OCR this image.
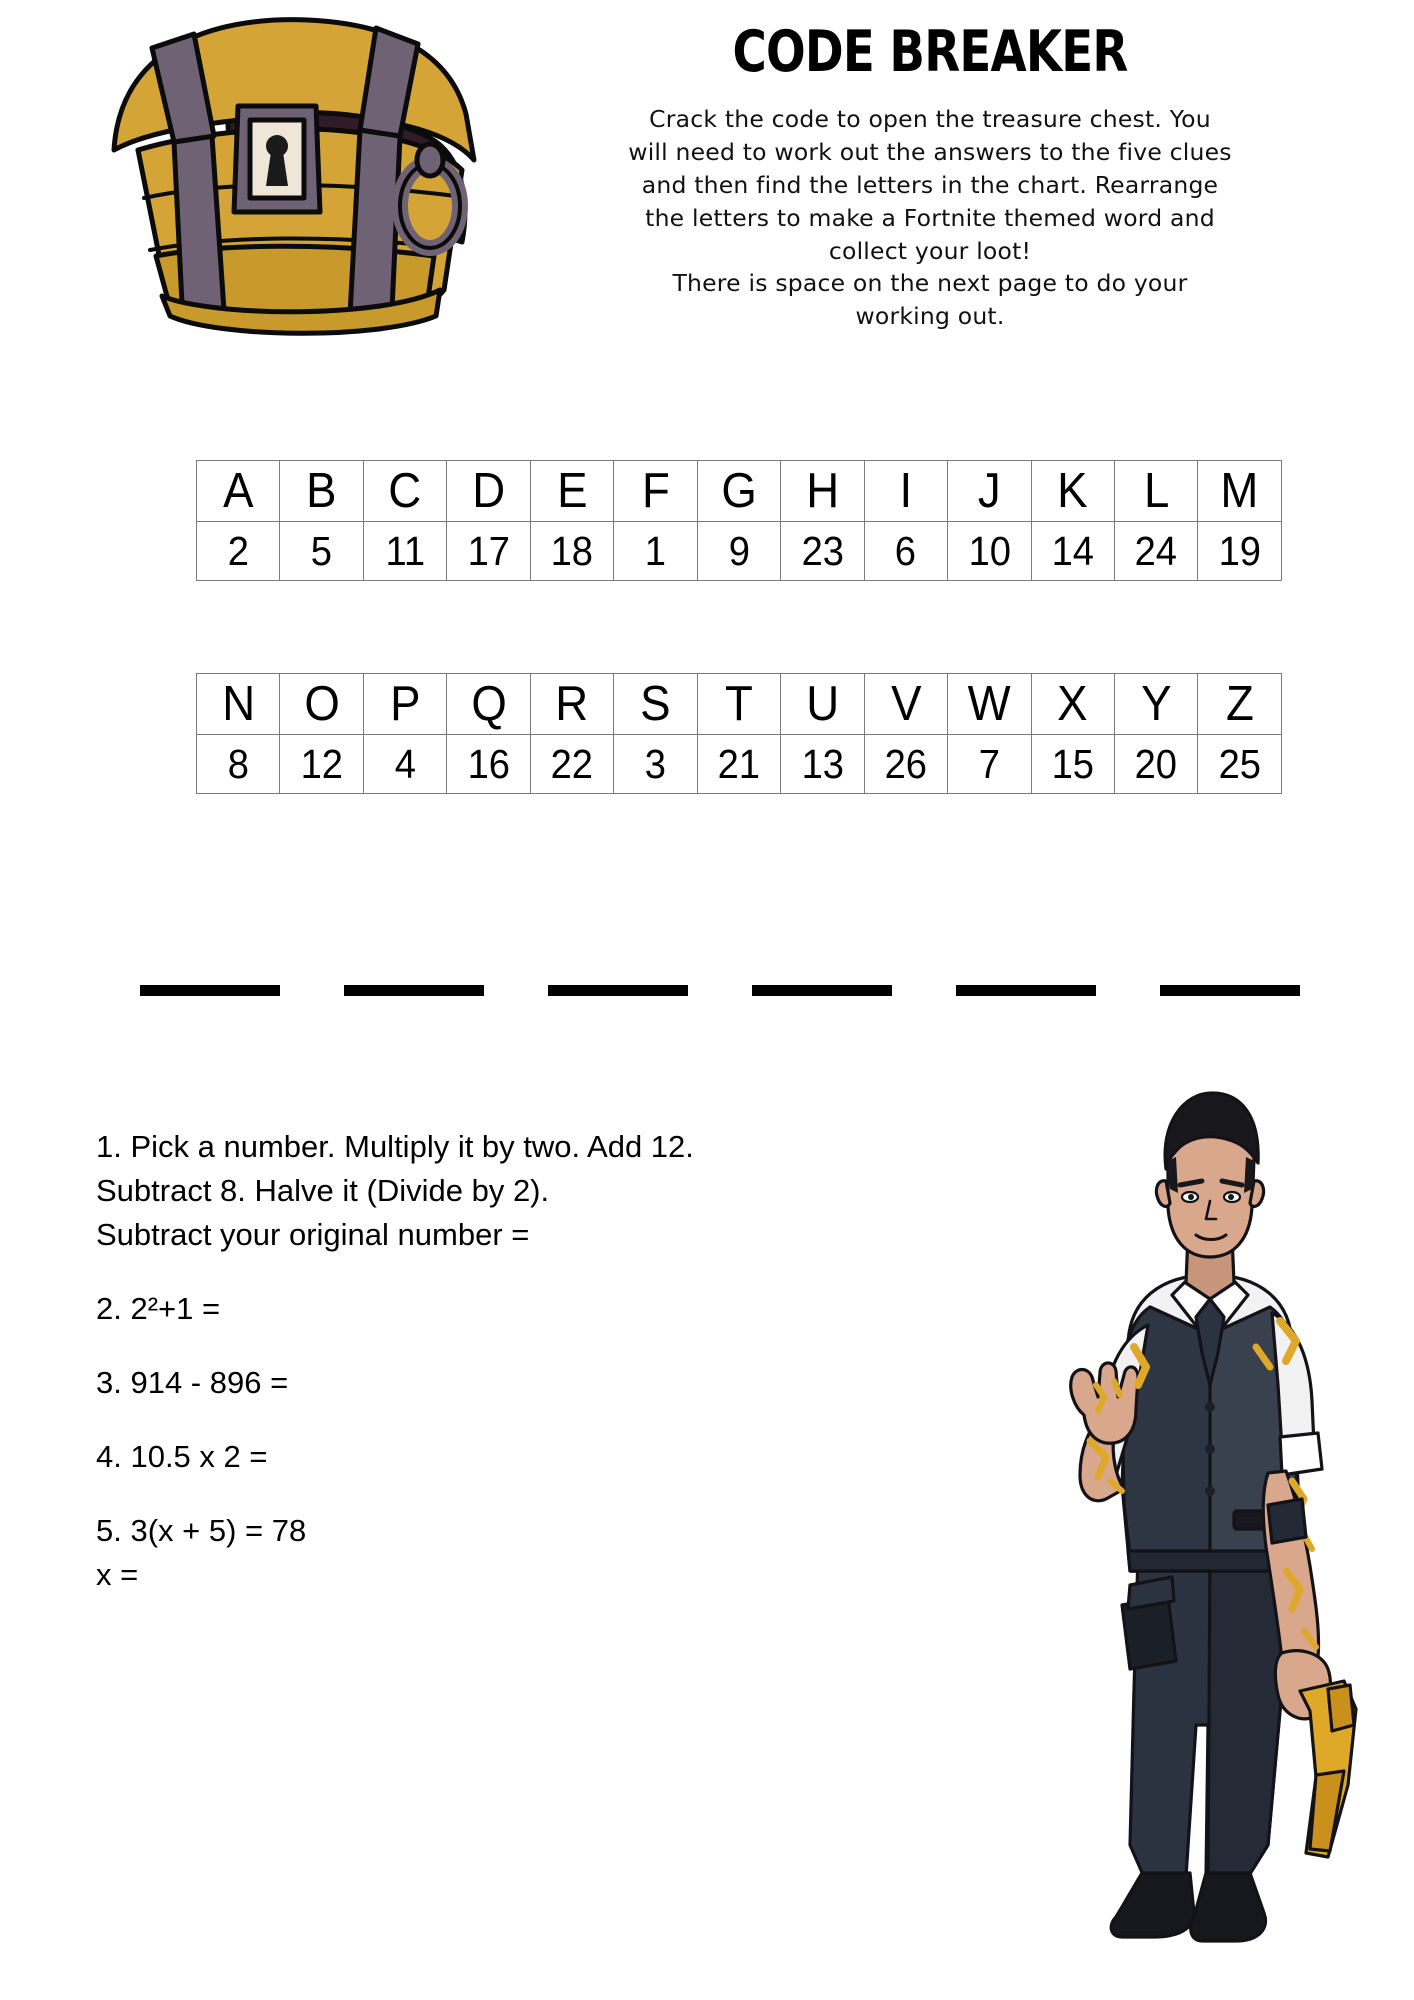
CODE BREAKER

Crack the code to open the treasure chest. You

will need to work out the answers to the five clues

and then find the letters in the chart. Rearrange

the letters to make a Fortnite themed word and

collect your loot!

There is space on the next page to do your

working out.

A	B	C	D	E	F	G	H	I	J	K	L	M
2	5	11	17	18	1	9	23	6	10	14	24	19
N	O	P	Q	R	S	T	U	V	W	X	Y	Z
8	12	4	16	22	3	21	13	26	7	15	20	25
1. Pick a number. Multiply it by two. Add 12.
Subtract 8. Halve it (Divide by 2).
Subtract your original number =
2. 2²+1 =
3. 914 - 896 =
4. 10.5 x 2 =
5. 3(x + 5) = 78
x =
